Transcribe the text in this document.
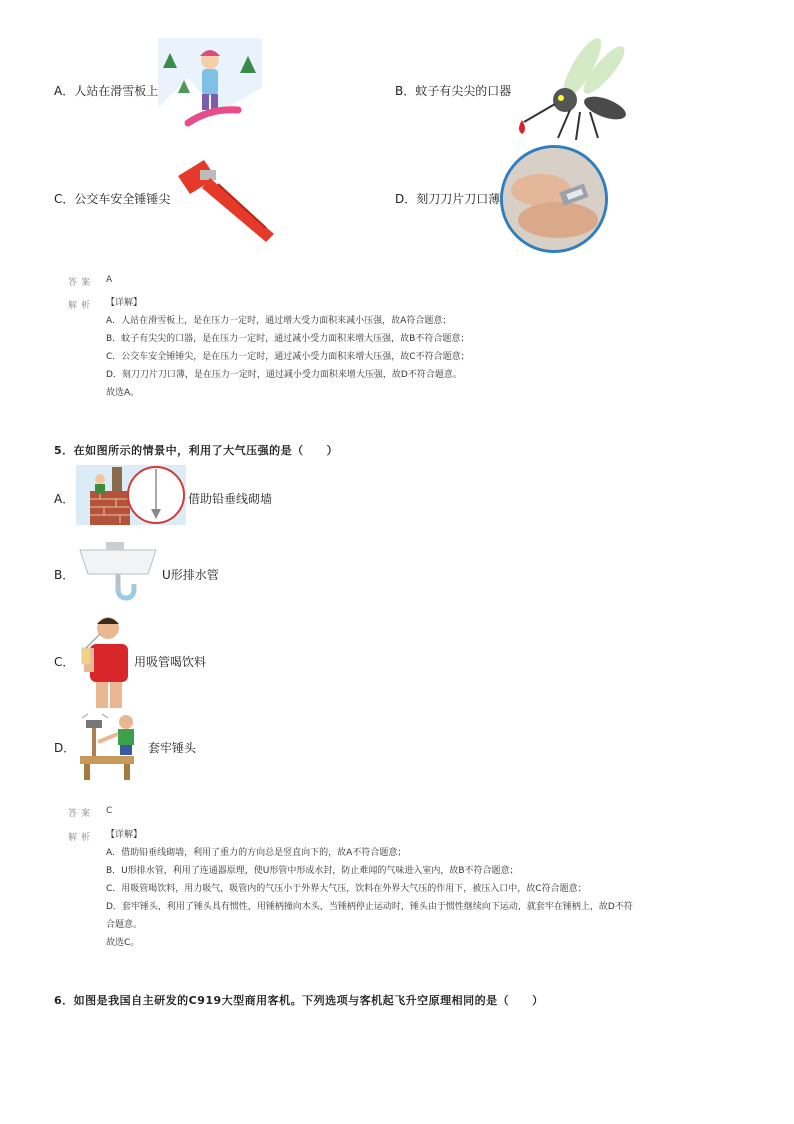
A．人站在滑雪板上	B．蚊子有尖尖的口器
C．公交车安全锤锤尖	D．刻刀刀片刀口薄
答案 A
解析 【详解】
A．人站在滑雪板上，是在压力一定时，通过增大受力面积来减小压强，故A符合题意；
B．蚊子有尖尖的口器，是在压力一定时，通过减小受力面积来增大压强，故B不符合题意；
C．公交车安全锤锤尖，是在压力一定时，通过减小受力面积来增大压强，故C不符合题意；
D．刻刀刀片刀口薄，是在压力一定时，通过减小受力面积来增大压强，故D不符合题意。
故选A。
5．在如图所示的情景中，利用了大气压强的是（　　）
A．	借助铅垂线砌墙
B．	U形排水管
C．	用吸管喝饮料
D．	套牢锤头
答案 C
解析 【详解】
A．借助铅垂线砌墙，利用了重力的方向总是竖直向下的，故A不符合题意；
B．U形排水管，利用了连通器原理，使U形管中形成水封，防止难闻的气味进入室内，故B不符合题意；
C．用吸管喝饮料，用力吸气，吸管内的气压小于外界大气压，饮料在外界大气压的作用下，被压入口中，故C符合题意；
D．套牢锤头，利用了锤头具有惯性，用锤柄撞向木头，当锤柄停止运动时，锤头由于惯性继续向下运动，就套牢在锤柄上，故D不符
合题意。
故选C。
6．如图是我国自主研发的C919大型商用客机。下列选项与客机起飞升空原理相同的是（　　）
